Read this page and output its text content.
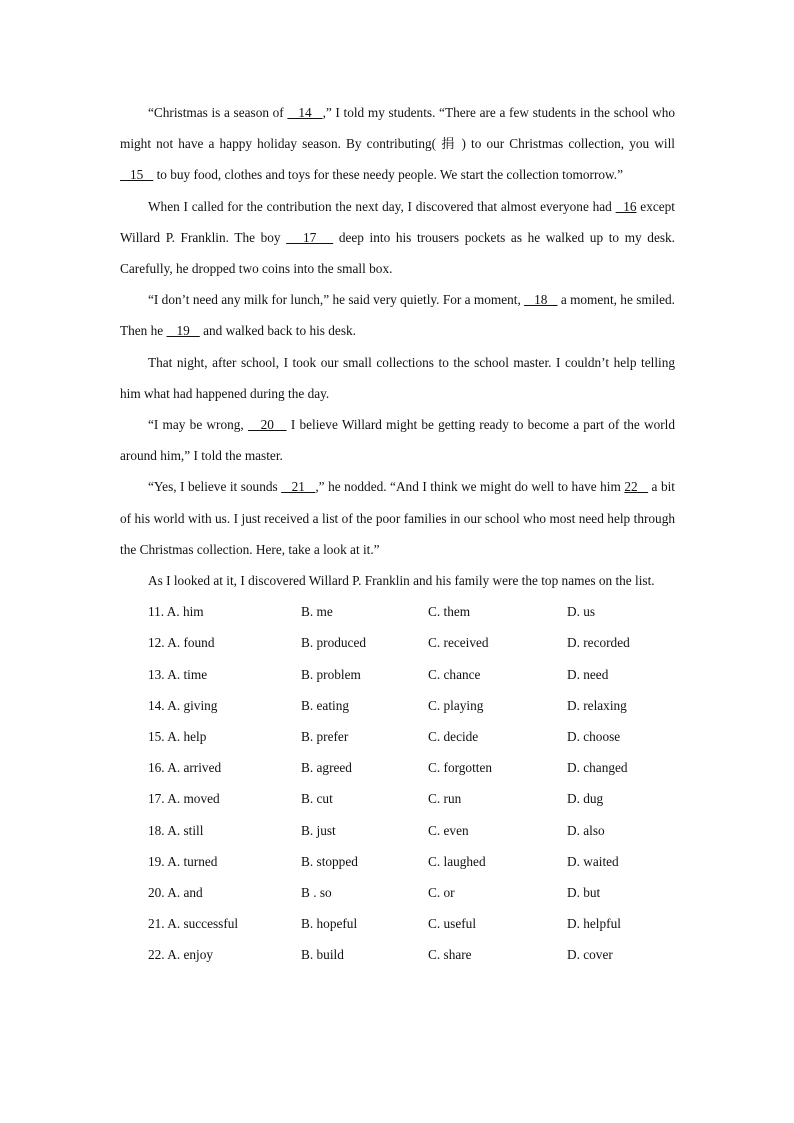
“Christmas is a season of    14   ,” I told my students. “There are a few students in the school who might not have a happy holiday season. By contributing( 捐 ) to our Christmas collection, you will    15    to buy food, clothes and toys for these needy people. We start the collection tomorrow.”

When I called for the contribution the next day, I discovered that almost everyone had   16 except Willard P. Franklin. The boy    17    deep into his trousers pockets as he walked up to my desk. Carefully, he dropped two coins into the small box.

“I don’t need any milk for lunch,” he said very quietly. For a moment,    18    a moment, he smiled. Then he    19    and walked back to his desk.

That night, after school, I took our small collections to the school master. I couldn’t help telling him what had happened during the day.

“I may be wrong,    20    I believe Willard might be getting ready to become a part of the world around him,” I told the master.

“Yes, I believe it sounds    21   ,” he nodded. “And I think we might do well to have him 22    a bit of his world with us. I just received a list of the poor families in our school who most need help through the Christmas collection. Here, take a look at it.”

As I looked at it, I discovered Willard P. Franklin and his family were the top names on the list.

11. A. him	B. me	C. them	D. us
12. A. found	B. produced	C. received	D. recorded
13. A. time	B. problem	C. chance	D. need
14. A. giving	B. eating	C. playing	D. relaxing
15. A. help	B. prefer	C. decide	D. choose
16. A. arrived	B. agreed	C. forgotten	D. changed
17. A. moved	B. cut	C. run	D. dug
18. A. still	B. just	C. even	D. also
19. A. turned	B. stopped	C. laughed	D. waited
20. A. and	B . so	C. or	D. but
21. A. successful	B. hopeful	C. useful	D. helpful
22. A. enjoy	B. build	C. share	D. cover
